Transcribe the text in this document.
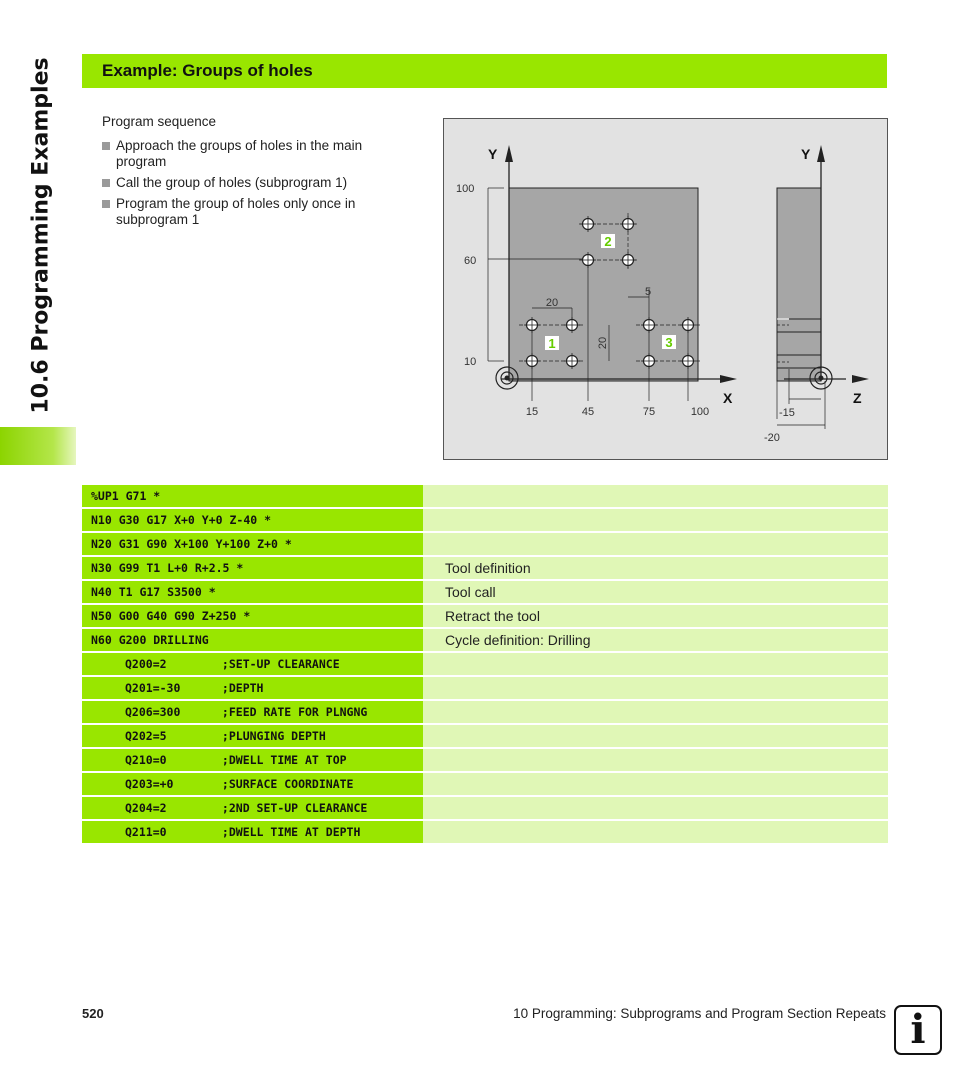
10.6 Programming Examples	Example: Groups of holes
Program sequence
Approach the groups of holes in the main program
Call the group of holes (subprogram 1)
Program the group of holes only once in subprogram 1
1
2
3
Y	Y
X	Z
100
60
10
15	45	75	100
20
20
5
-15
-20
%UP1 G71 *
N10 G30 G17 X+0 Y+0 Z-40 *
N20 G31 G90 X+100 Y+100 Z+0 *
N30 G99 T1 L+0 R+2.5 *	Tool definition
N40 T1 G17 S3500 *	Tool call
N50 G00 G40 G90 Z+250 *	Retract the tool
N60 G200 DRILLING	Cycle definition: Drilling
Q200=2        ;SET-UP CLEARANCE
Q201=-30      ;DEPTH
Q206=300      ;FEED RATE FOR PLNGNG
Q202=5        ;PLUNGING DEPTH
Q210=0        ;DWELL TIME AT TOP
Q203=+0       ;SURFACE COORDINATE
Q204=2        ;2ND SET-UP CLEARANCE
Q211=0        ;DWELL TIME AT DEPTH
520	10 Programming: Subprograms and Program Section Repeats i
